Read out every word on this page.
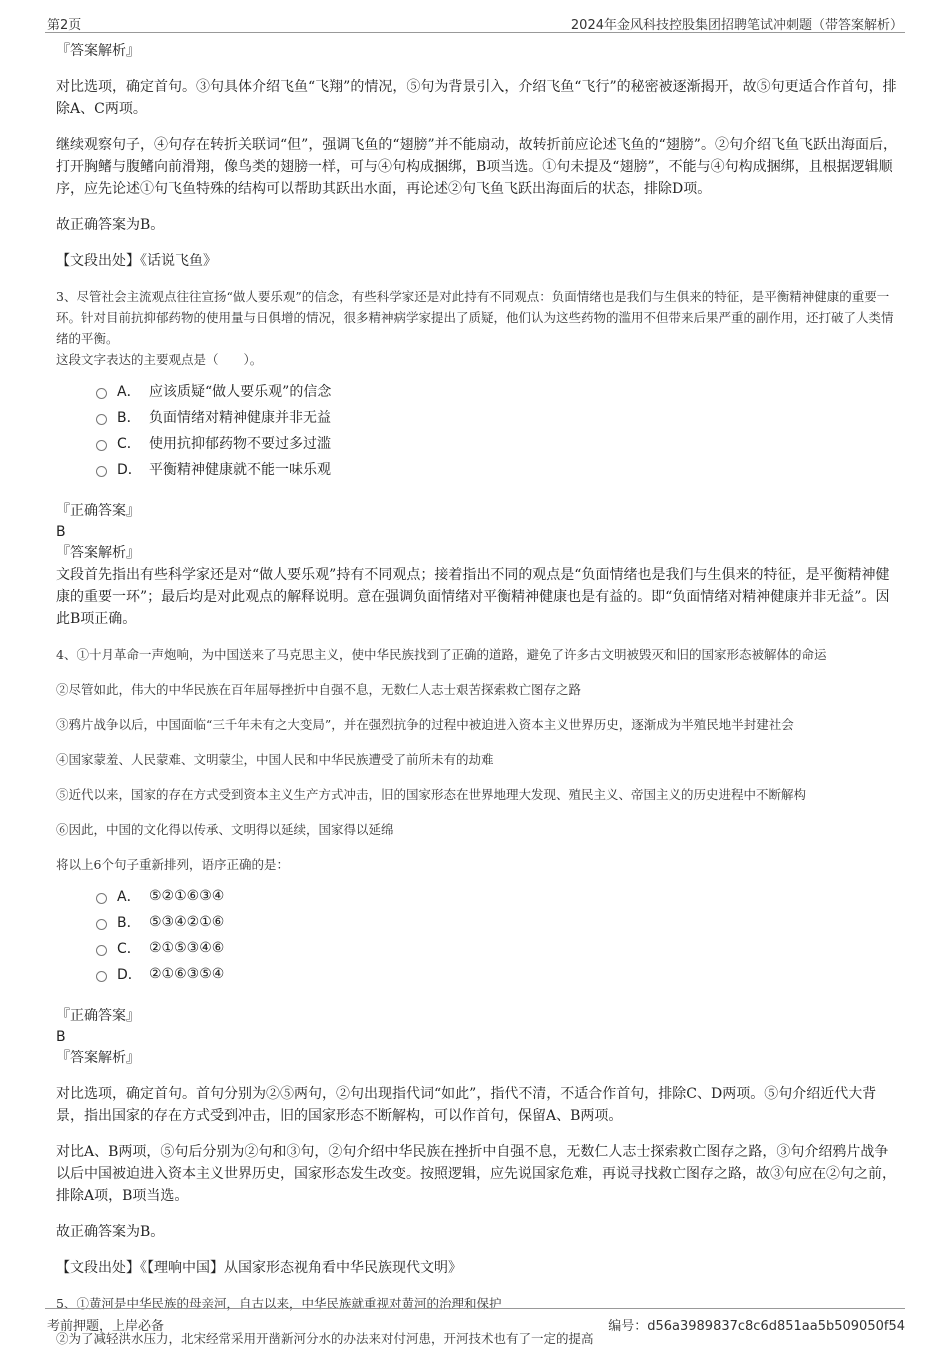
第2页	2024年金风科技控股集团招聘笔试冲刺题（带答案解析）

『答案解析』

对比选项，确定首句。③句具体介绍飞鱼“飞翔”的情况，⑤句为背景引入，介绍飞鱼“飞行”的秘密被逐渐揭开，故⑤句更适合作首句，排除A、C两项。

继续观察句子，④句存在转折关联词“但”，强调飞鱼的“翅膀”并不能扇动，故转折前应论述飞鱼的“翅膀”。②句介绍飞鱼飞跃出海面后，打开胸鳍与腹鳍向前滑翔，像鸟类的翅膀一样，可与④句构成捆绑，B项当选。①句未提及“翅膀”，不能与④句构成捆绑，且根据逻辑顺序，应先论述①句飞鱼特殊的结构可以帮助其跃出水面，再论述②句飞鱼飞跃出海面后的状态，排除D项。

故正确答案为B。

【文段出处】《话说飞鱼》

3、尽管社会主流观点往往宣扬“做人要乐观”的信念，有些科学家还是对此持有不同观点：负面情绪也是我们与生俱来的特征，是平衡精神健康的重要一环。针对目前抗抑郁药物的使用量与日俱增的情况，很多精神病学家提出了质疑，他们认为这些药物的滥用不但带来后果严重的副作用，还打破了人类情绪的平衡。

这段文字表达的主要观点是（　　）。

A． 应该质疑“做人要乐观”的信念
B． 负面情绪对精神健康并非无益
C． 使用抗抑郁药物不要过多过滥
D． 平衡精神健康就不能一味乐观

『正确答案』

B

『答案解析』

文段首先指出有些科学家还是对“做人要乐观”持有不同观点；接着指出不同的观点是“负面情绪也是我们与生俱来的特征，是平衡精神健康的重要一环”；最后均是对此观点的解释说明。意在强调负面情绪对平衡精神健康也是有益的。即“负面情绪对精神健康并非无益”。因此B项正确。

4、①十月革命一声炮响，为中国送来了马克思主义，使中华民族找到了正确的道路，避免了许多古文明被毁灭和旧的国家形态被解体的命运

②尽管如此，伟大的中华民族在百年屈辱挫折中自强不息，无数仁人志士艰苦探索救亡图存之路

③鸦片战争以后，中国面临“三千年未有之大变局”，并在强烈抗争的过程中被迫进入资本主义世界历史，逐渐成为半殖民地半封建社会

④国家蒙羞、人民蒙难、文明蒙尘，中国人民和中华民族遭受了前所未有的劫难

⑤近代以来，国家的存在方式受到资本主义生产方式冲击，旧的国家形态在世界地理大发现、殖民主义、帝国主义的历史进程中不断解构

⑥因此，中国的文化得以传承、文明得以延续，国家得以延绵

将以上6个句子重新排列，语序正确的是：

A． ⑤②①⑥③④
B． ⑤③④②①⑥
C． ②①⑤③④⑥
D． ②①⑥③⑤④

『正确答案』

B

『答案解析』

对比选项，确定首句。首句分别为②⑤两句，②句出现指代词“如此”，指代不清，不适合作首句，排除C、D两项。⑤句介绍近代大背景，指出国家的存在方式受到冲击，旧的国家形态不断解构，可以作首句，保留A、B两项。

对比A、B两项，⑤句后分别为②句和③句，②句介绍中华民族在挫折中自强不息，无数仁人志士探索救亡图存之路，③句介绍鸦片战争以后中国被迫进入资本主义世界历史，国家形态发生改变。按照逻辑，应先说国家危难，再说寻找救亡图存之路，故③句应在②句之前，排除A项，B项当选。

故正确答案为B。

【文段出处】《【理响中国】从国家形态视角看中华民族现代文明》

5、①黄河是中华民族的母亲河，自古以来，中华民族就重视对黄河的治理和保护

②为了减轻洪水压力，北宋经常采用开凿新河分水的办法来对付河患，开河技术也有了一定的提高

考前押题，上岸必备	编号：d56a3989837c8c6d851aa5b509050f54
